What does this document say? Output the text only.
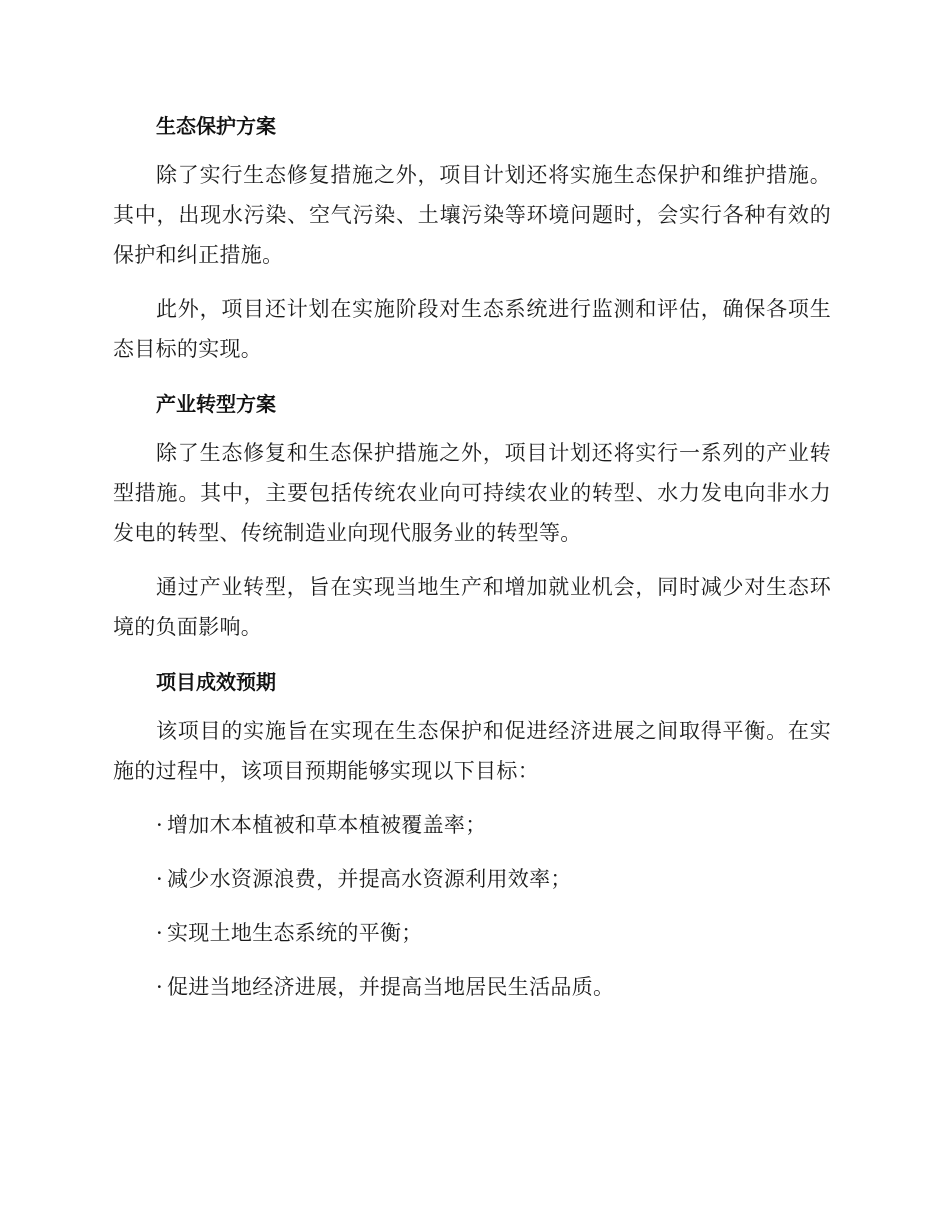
生态保护方案

除了实行生态修复措施之外，项目计划还将实施生态保护和维护措施。其中，出现水污染、空气污染、土壤污染等环境问题时，会实行各种有效的保护和纠正措施。

此外，项目还计划在实施阶段对生态系统进行监测和评估，确保各项生态目标的实现。

产业转型方案

除了生态修复和生态保护措施之外，项目计划还将实行一系列的产业转型措施。其中，主要包括传统农业向可持续农业的转型、水力发电向非水力发电的转型、传统制造业向现代服务业的转型等。

通过产业转型，旨在实现当地生产和增加就业机会，同时减少对生态环境的负面影响。

项目成效预期

该项目的实施旨在实现在生态保护和促进经济进展之间取得平衡。在实施的过程中，该项目预期能够实现以下目标：

· 增加木本植被和草本植被覆盖率；
· 减少水资源浪费，并提高水资源利用效率；
· 实现土地生态系统的平衡；
· 促进当地经济进展，并提高当地居民生活品质。
